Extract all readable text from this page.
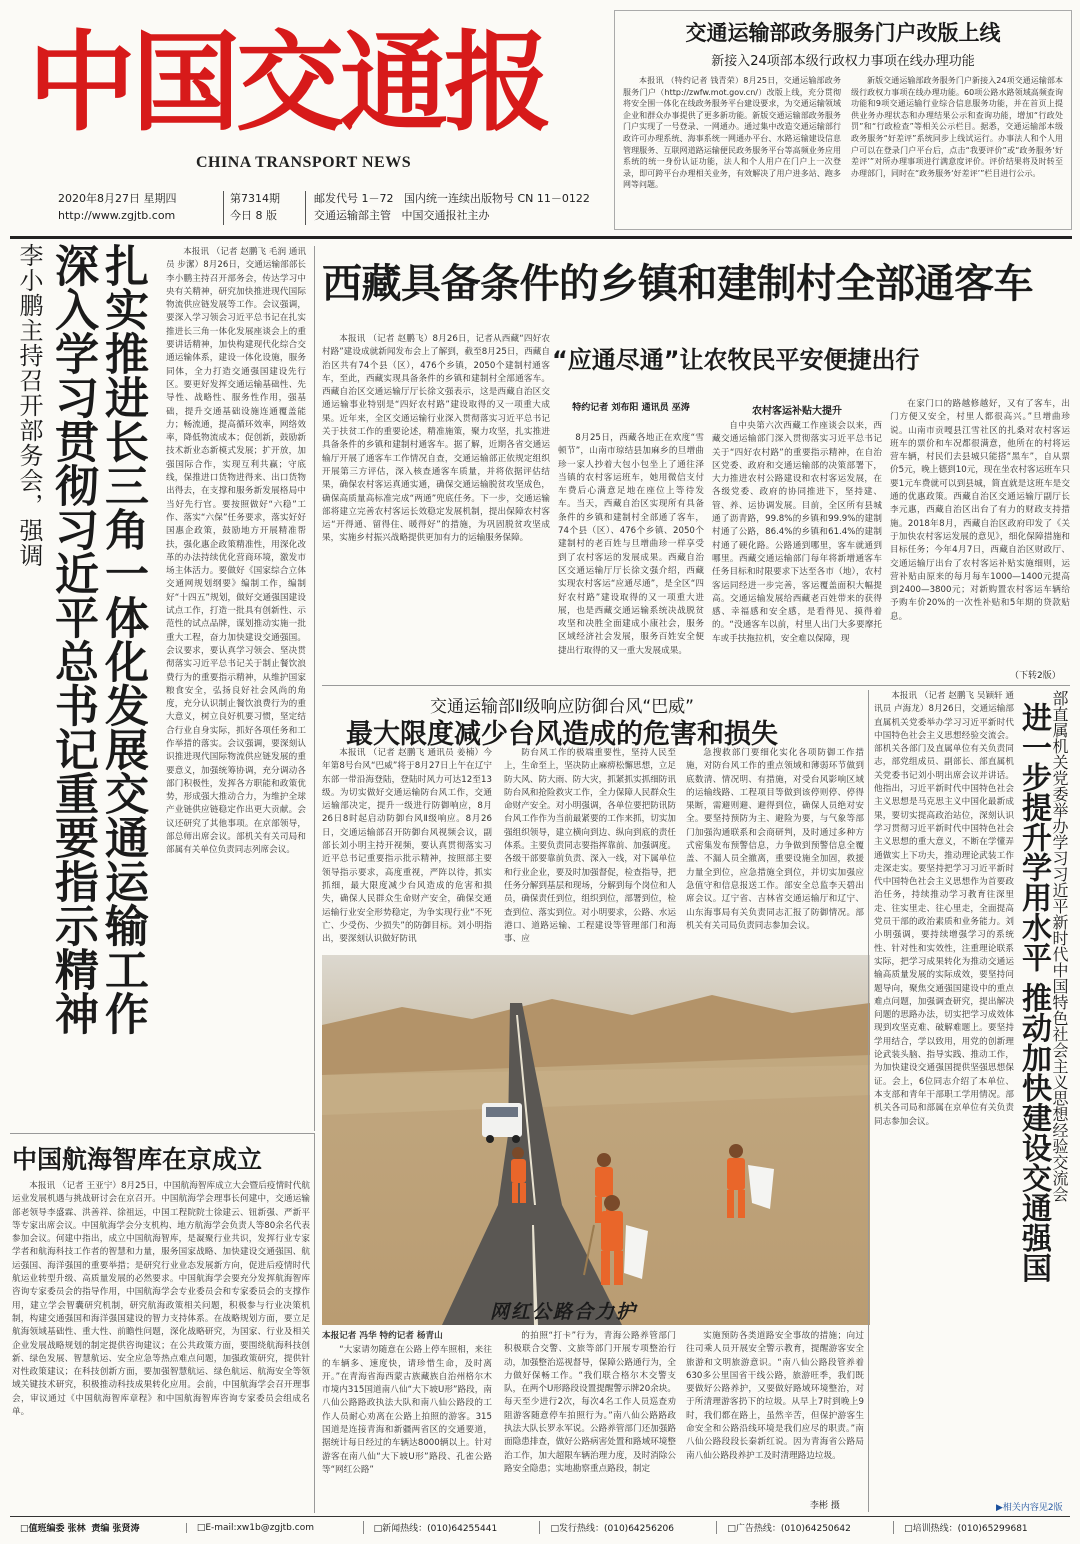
中国交通报
CHINA TRANSPORT NEWS
2020年8月27日 星期四
http://www.zgjtb.com
第7314期
今日 8 版
邮发代号 1－72 国内统一连续出版物号 CN 11－0122
交通运输部主管 中国交通报社主办
交通运输部政务服务门户改版上线
新接入24项部本级行政权力事项在线办理功能

本报讯 （特约记者 钱青荣）8月25日，交通运输部政务服务门户（http://zwfw.mot.gov.cn/）改版上线，充分贯彻将安全围一体化在线政务服务平台建设要求，为交通运输领域企业和群众办事提供了更多新功能。新版交通运输部政务服务门户实现了一号登录、一网通办。通过集中改造交通运输部行政许可办理系统、海事系统一网通办平台、水路运输建设信息管理服务、互联网道路运输便民政务服务平台等高频业务应用系统的统一身份认证功能，法人和个人用户在门户上一次登录，即可跨平台办理相关业务，有效解决了用户进多站、跑多网等问题。

新版交通运输部政务服务门户新接入24项交通运输部本级行政权力事项在线办理功能。60项公路水路领域高频查询功能和9项交通运输行业综合信息服务功能，并在首页上提供业务办理状态和办理结果公示和查询功能，增加“行政处罚”和“行政检查”等相关公示栏目。据悉，交通运输部本级政务服务“好差评”系统同步上线试运行。办事法人和个人用户可以在登录门户平台后，点击“我要评价”或“政务服务‘好差评’”对所办理事项进行满意度评价。评价结果将及时转至办理部门，同时在“政务服务‘好差评’”栏目进行公示。

李小鹏主持召开部务会，强调 扎实推进长三角一体化发展交通运输工作
深入学习贯彻习近平总书记重要指示精神	本报讯 （记者 赵鹏飞 毛润 通讯员 步潔）8月26日，交通运输部部长李小鹏主持召开部务会，传达学习中央有关精神，研究加快推进现代国际物流供应链发展等工作。会议强调，要深入学习领会习近平总书记在扎实推进长三角一体化发展座谈会上的重要讲话精神，加快构建现代化综合交通运输体系，建设一体化设施，服务同体，全力打造交通强国建设先行区。要更好发挥交通运输基础性、先导性、战略性、服务性作用，强基础，提升交通基础设施连通覆盖能力；畅流通，提高循环效率，网络效率，降低物流成本；促创新，鼓励新技术新业态新模式发展；扩开放，加强国际合作，实现互利共赢；守底线，保推进口货物进得来、出口货物出得去，在支撑和服务新发展格局中当好先行官。要按照做好“六稳”工作、落实“六保”任务要求，落实好好国惠企政策，鼓励地方开展精准帮扶，强化惠企政策精准性，用深化改革的办法持续优化营商环境，激发市场主体活力。要做好《国家综合立体交通网规划纲要》编制工作，编制好“十四五”规划，做好交通强国建设试点工作，打造一批具有创新性、示范性的试点品牌，谋划推动实施一批重大工程，奋力加快建设交通强国。会议要求，要认真学习领会、坚决贯彻落实习近平总书记关于制止餐饮浪费行为的重要指示精神，从维护国家粮食安全，弘扬良好社会风尚的角度，充分认识制止餐饮浪费行为的重大意义，树立良好机要习惯，坚定结合行业自身实际，抓好各项任务和工作举措的落实。会议强调，要深刻认识推进现代国际物流供应链发展的重要意义，加强统筹协调，充分调动各部门积极性，发挥各方职能和政策优势，形成强大推动合力，为维护全球产业链供应链稳定作出更大贡献。会议还研究了其他事项。在京部领导，部总师出席会议。部机关有关司局和部属有关单位负责同志列席会议。

西藏具备条件的乡镇和建制村全部通客车
“应通尽通”让农牧民平安便捷出行

本报讯 （记者 赵鹏飞）8月26日，记者从西藏“四好农村路”建设成就新闻发布会上了解到，截至8月25日，西藏自治区共有74个县（区），476个乡镇，2050个建制村通客车，至此，西藏实现具备条件的乡镇和建制村全部通客车。西藏自治区交通运输厅厅长徐文强表示，这是西藏自治区交通运输事业特别是“四好农村路”建设取得的又一项重大成果。近年来，全区交通运输行业深入贯彻落实习近平总书记关于扶贫工作的重要论述，精准施策，聚力攻坚，扎实推进具备条件的乡镇和建制村通客车。据了解，近期各省交通运输厅开展了通客车工作情况自查，交通运输部正依规定组织开展第三方评估，深入核查通客车质量，并将依据评估结果，确保农村客运真通实通，确保交通运输脱贫攻坚成色，确保高质量高标准完成“两通”兜底任务。下一步，交通运输部将建立完善农村客运长效稳定发展机制，提出保障农村客运“开得通、留得住、暖得好”的措施，为巩固脱贫攻坚成果，实施乡村振兴战略提供更加有力的运输服务保障。

特约记者 刘布阳 通讯员 巫涛

8月25日，西藏各地正在欢度“雪顿节”，山南市琼结县加麻乡的旦增曲珍一家人抄着大包小包坐上了通往泽当镇的农村客运班车，她用微信支付车费后心满意足地在座位上等待发车。当天，西藏自治区实现所有具备条件的乡镇和建制村全部通了客车，74个县（区）、476个乡镇、2050个建制村的老百姓与旦增曲珍一样享受到了农村客运的发展成果。西藏自治区交通运输厅厅长徐文强介绍，西藏实现农村客运“应通尽通”，是全区“四好农村路”建设取得的又一项重大进展，也是西藏交通运输系统决战脱贫攻坚和决胜全面建成小康社会，服务区域经济社会发展，服务百姓安全便捷出行取得的又一重大发展成果。

农村客运补贴大提升

自中央第六次西藏工作座谈会以来，西藏交通运输部门深入贯彻落实习近平总书记关于“四好农村路”的重要指示精神，在自治区党委、政府和交通运输部的决策部署下，大力推进农村公路建设和农村客运发展，在各级党委、政府的协同推进下，坚持建、管、养、运协调发展。目前，全区所有县城通了沥青路，99.8%的乡镇和99.9%的建制村通了公路，86.4%的乡镇和61.4%的建制村通了硬化路。公路通到哪里，客车就通到哪里。西藏交通运输部门每年将新增通客车任务目标和时限要求下达至各市（地），农村客运同经进一步完善，客运覆盖面积大幅提高。交通运输发展给西藏老百姓带来的获得感、幸福感和安全感，是看得见、摸得着的。“没通客车以前，村里人出门大多要摩托车或手扶拖拉机，安全难以保障，现

在家门口的路越修越好，又有了客车，出门方便又安全，村里人都很高兴。”旦增曲珍说。山南市贡嘎县江雪社区的扎桑对农村客运班车的票价和车况都很满意，他所在的村将运营车辆，村民们去县城只能搭“黑车”，自从票价5元，晚上德到10元，现在坐农村客运班车只要1元车费就可以到县城，简直就是这班车是交通的优惠政策。西藏自治区交通运输厅副厅长李元惠，西藏自治区出台了有力的财政支持措施。2018年8月，西藏自治区政府印发了《关于加快农村客运发展的意见》，细化保障措施和目标任务；今年4月7日，西藏自治区财政厅、交通运输厅出台了农村客运补贴实施细则，运营补贴由原来的每月每车1000—1400元提高到2400—3800元；对新购置农村客运车辆给予购车价20%的一次性补贴和5年期的贷款贴息。

（下转2版）
交通运输部Ⅱ级响应防御台风“巴威”
最大限度减少台风造成的危害和损失

本报讯 （记者 赵鹏飞 通讯员 姜楠）今年第8号台风“巴威”将于8月27日上午在辽宁东部一带沿海登陆，登陆时风力可达12至13级。为切实做好交通运输防台风工作，交通运输部决定，提升一级进行防御响应，8月26日8时起启动防御台风Ⅱ级响应。8月26日，交通运输部召开防御台风视频会议，副部长刘小明主持开视频，要认真贯彻落实习近平总书记重要指示批示精神，按照部主要领导指示要求，高度重视，严阵以待，抓实抓细，最大限度减少台风造成的危害和损失，确保人民群众生命财产安全，确保交通运输行业安全形势稳定，为争实现行业“不死亡、少受伤、少损失”的防御目标。刘小明指出，要深刻认识做好防讯

防台风工作的极端重要性，坚持人民至上，生命至上，坚决防止麻痹松懈思想，立足防大风、防大雨、防大灾，抓紧抓实抓细防讯防台风和抢险救灾工作，全力保障人民群众生命财产安全。对小明强调，各单位要把防讯防台风工作作为当前最紧要的工作来抓，切实加强组织领导，建立横向到边、纵向到底的责任体系。主要负责同志要指挥靠前、加强调度。各级干部要靠前负责、深入一线，对下属单位和行业企业，要及时加强督促，检查指导，把任务分解到基层和现场，分解到每个岗位和人员，确保责任到位，组织到位，部署到位，检查到位、落实到位。对小明要求，公路、水运港口、道路运输、工程建设等管理部门和海事、应

急搜救部门要细化实化各项防御工作措施，对防台风工作的重点领域和薄弱环节做到底数清、情况明、有措施，对受台风影响区域的运输线路、工程项目等做到该停则停、停得果断，需避则避、避得到位，确保人员绝对安全。要坚持预防为主、避险为要，与气象等部门加强沟通联系和会商研判，及时通过多种方式密集发布预警信息，力争做到预警信息全覆盖、不漏人员全撤离，重要设施全加固，救援力量全到位，应急措施全到位，并切实加强应急值守和信息报送工作。部安全总监李天碧出席会议。辽宁省、吉林省交通运输厅和辽宁、山东海事局有关负责同志汇报了防御情况。部机关有关司局负责同志参加会议。

网红公路合力护

本报记者 冯华 特约记者 杨青山

“大家请勿随意在公路上停车照相，来往的车辆多、速度快，请珍惜生命，及时离开。”在青海省海西蒙古族藏族自治州格尔木市境内315国道南八仙“大下坡U形”路段，南八仙公路路政执法大队和南八仙公路段的工作人员耐心劝离在公路上拍照的游客。315国道是连接青海和新疆两省区的交通要道，据统计每日经过的车辆达8000辆以上。针对游客在南八仙“大下坡U形”路段、孔雀公路等“网红公路”

的拍照“打卡”行为，青海公路养管部门积极联合交警、文旅等部门开展专项整治行动，加强整治巡视督导，保障公路通行为，全力做好保畅工作。“我们联合格尔木交警支队，在两个U形路段设置提醒警示牌20余块。每天至少进行2次，每次4名工作人员巡查劝阻游客随意停车拍照行为。”南八仙公路路政执法大队长罗永军说。公路养管部门还加强路面隐患排查，做好公路病害处置和路域环境整治工作，加大超限车辆治理力度，及时消除公路安全隐患；实地勘察重点路段，制定

实施预防各类道路安全事故的措施；向过往司乘人员开展安全警示教育，提醒游客安全旅游和文明旅游意识。“南八仙公路段管养着630多公里国省干线公路，旅游旺季，我们既要做好公路养护，又要做好路域环境整治，对于所清理游客扔下的垃圾。从早上7时到晚上9时，我们都在路上，虽然辛苦，但保护游客生命安全和公路沿线环境是我们应尽的职责。”南八仙公路段段长秦新红说。因为青海省公路局南八仙公路段养护工及时清理路边垃圾。

李彬 摄
中国航海智库在京成立

本报讯 （记者 王亚宁）8月25日，中国航海智库成立大会暨后疫情时代航运业发展机遇与挑战研讨会在京召开。中国航海学会理事长何建中，交通运输部老领导李盛霖、洪善祥、徐祖远，中国工程院院士徐建云、钮新强、严新平等专家出席会议。中国航海学会分支机构、地方航海学会负责人等80余名代表参加会议。何建中指出，成立中国航海智库，是凝聚行业共识，发挥行业专家学者和航海科技工作者的智慧和力量，服务国家战略、加快建设交通强国、航运强国、海洋强国的重要举措；是研究行业业态发展新方向，促进后疫情时代航运业转型升级、高质量发展的必然要求。中国航海学会要充分发挥航海智库咨询专家委员会的指导作用，中国航海学会专业委员会和专家委员会的支撑作用，建立学会智囊研究机制，研究航海政策相关问题，积极参与行业决策机制，构建交通强国和海洋强国建设的智力支持体系。在战略规划方面，要立足航海领域基础性、重大性、前瞻性问题，深化战略研究，为国家、行业及相关企业发展战略规划的制定提供咨询建议；在公共政策方面，要围绕航海科技创新、绿色发展、智慧航运、安全应急等热点难点问题，加强政策研究，提供针对性政策建议；在科技创新方面，要加强智慧航运、绿色航运、航海安全等领域关键技术研究，积极推动科技成果转化应用。会前，中国航海学会召开理事会，审议通过《中国航海智库章程》和中国航海智库咨询专家委员会组成名单。

本报讯 （记者 赵鹏飞 吴颖轩 通讯员 卢海龙）8月26日，交通运输部直属机关党委举办学习习近平新时代中国特色社会主义思想经验交流会。部机关各部门及直属单位有关负责同志，部党组成员、副部长、部直属机关党委书记刘小明出席会议并讲话。他指出，习近平新时代中国特色社会主义思想是马克思主义中国化最新成果，要切实提高政治站位，深刻认识学习贯彻习近平新时代中国特色社会主义思想的重大意义，不断在学懂弄通做实上下功夫，推动理论武装工作走深走实。要坚持把学习习近平新时代中国特色社会主义思想作为首要政治任务，持续推动学习教育往深里走、往实里走、往心里走，全面提高党员干部的政治素质和业务能力。刘小明强调，要持续增强学习的系统性、针对性和实效性，注重理论联系实际，把学习成果转化为推动交通运输高质量发展的实际成效，要坚持问题导向，聚焦交通强国建设中的重点难点问题，加强调查研究，提出解决问题的思路办法，切实把学习成效体现到攻坚克难、破解难题上。要坚持学用结合，学以致用，用党的创新理论武装头脑、指导实践、推动工作，为加快建设交通强国提供坚强思想保证。会上，6位同志介绍了本单位、本支部和青年干部职工学用情况。部机关各司局和部属在京单位有关负责同志参加会议。	进一步提升学用水平 推动加快建设交通强国 部直属机关党委举办学习习近平新时代中国特色社会主义思想经验交流会
▶相关内容见2版
□值班编委 张林 责编 张贤涛	□E-mail:xw1b@zgjtb.com	□新闻热线：(010)64255441	□发行热线：(010)64256206	□广告热线：(010)64250642	□培训热线：(010)65299681
